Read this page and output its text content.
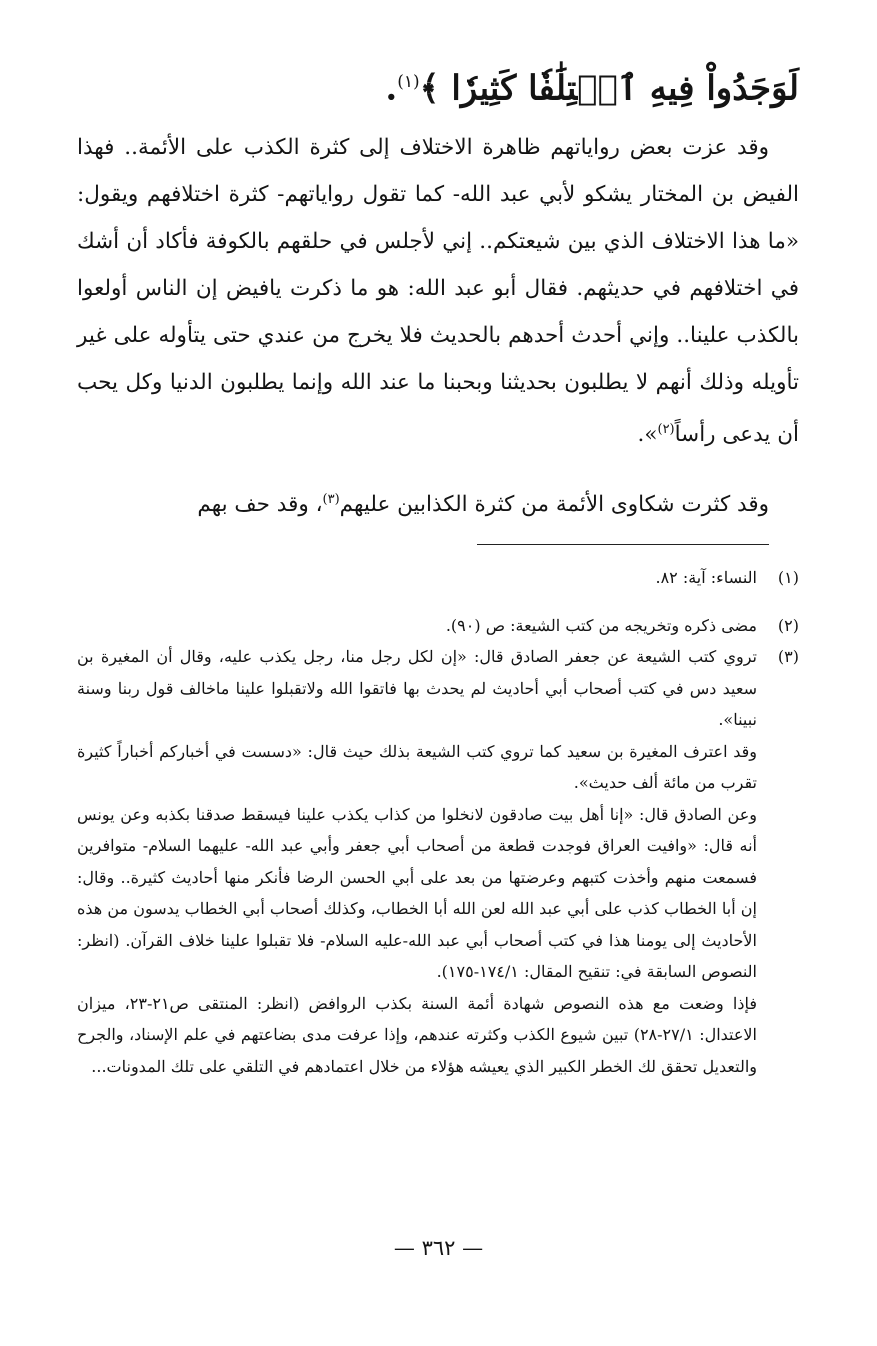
لَوَجَدُواْ فِيهِ ٱخۡتِلَٰفٗا كَثِيرٗا ﴾$^{(١)}$.

وقد عزت بعض رواياتهم ظاهرة الاختلاف إلى كثرة الكذب على الأئمة.. فهذا الفيض بن المختار يشكو لأبي عبد الله- كما تقول رواياتهم- كثرة اختلافهم ويقول: «ما هذا الاختلاف الذي بين شيعتكم.. إني لأجلس في حلقهم بالكوفة فأكاد أن أشك في اختلافهم في حديثهم. فقال أبو عبد الله: هو ما ذكرت يافيض إن الناس أولعوا بالكذب علينا.. وإني أحدث أحدهم بالحديث فلا يخرج من عندي حتى يتأوله على غير تأويله وذلك أنهم لا يطلبون بحديثنا وبحبنا ما عند الله وإنما يطلبون الدنيا وكل يحب أن يدعى رأساً$^{(٢)}$».

وقد كثرت شكاوى الأئمة من كثرة الكذابين عليهم$^{(٣)}$، وقد حف بهم

(١)

النساء: آية: ٨٢.

(٢)

مضى ذكره وتخريجه من كتب الشيعة: ص (٩٠).

(٣)

تروي كتب الشيعة عن جعفر الصادق قال: «إن لكل رجل منا، رجل يكذب عليه، وقال أن المغيرة بن سعيد دس في كتب أصحاب أبي أحاديث لم يحدث بها فاتقوا الله ولاتقبلوا علينا ماخالف قول ربنا وسنة نبينا».

وقد اعترف المغيرة بن سعيد كما تروي كتب الشيعة بذلك حيث قال: «دسست في أخباركم أخباراً كثيرة تقرب من مائة ألف حديث».

وعن الصادق قال: «إنا أهل بيت صادقون لانخلوا من كذاب يكذب علينا فيسقط صدقنا بكذبه وعن يونس أنه قال: «وافيت العراق فوجدت قطعة من أصحاب أبي جعفر وأبي عبد الله- عليهما السلام- متوافرين فسمعت منهم وأخذت كتبهم وعرضتها من بعد على أبي الحسن الرضا فأنكر منها أحاديث كثيرة.. وقال: إن أبا الخطاب كذب على أبي عبد الله لعن الله أبا الخطاب، وكذلك أصحاب أبي الخطاب يدسون من هذه الأحاديث إلى يومنا هذا في كتب أصحاب أبي عبد الله-عليه السلام- فلا تقبلوا علينا خلاف القرآن. (انظر: النصوص السابقة في: تنقيح المقال: ١٧٤/١-١٧٥).

فإذا وضعت مع هذه النصوص شهادة أئمة السنة بكذب الروافض (انظر: المنتقى ص٢١-٢٣، ميزان الاعتدال: ٢٧/١-٢٨) تبين شيوع الكذب وكثرته عندهم، وإذا عرفت مدى بضاعتهم في علم الإسناد، والجرح والتعديل تحقق لك الخطر الكبير الذي يعيشه هؤلاء من خلال اعتمادهم في التلقي على تلك المدونات...

— ٣٦٢ —
